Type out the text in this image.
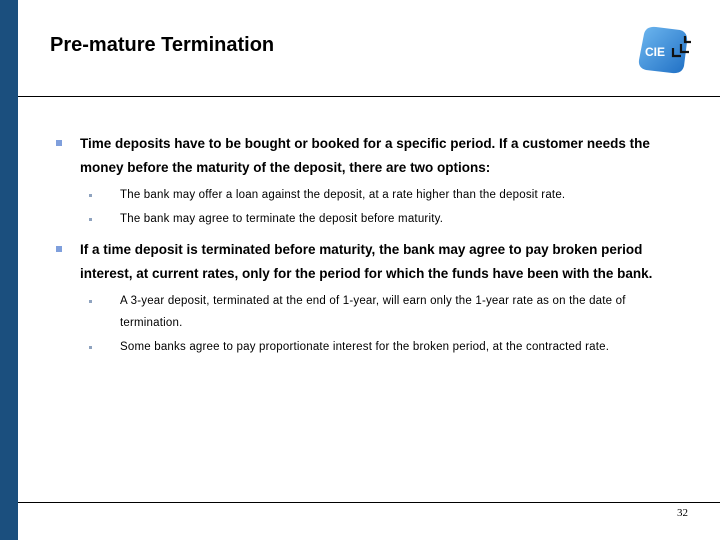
Pre-mature Termination	CIE
Time deposits have to be bought or booked for a specific period. If a customer needs the money before the maturity of the deposit, there are two options:
The bank may offer a loan against the deposit, at a rate higher than the deposit rate.
The bank may agree to terminate the deposit before maturity.
If a time deposit is terminated before maturity, the bank may agree to pay broken period interest, at current rates, only for the period for which the funds have been with the bank.
A 3-year deposit, terminated at the end of 1-year, will earn only the 1-year rate as on the date of termination.
Some banks agree to pay proportionate interest for the broken period, at the contracted rate.
32
